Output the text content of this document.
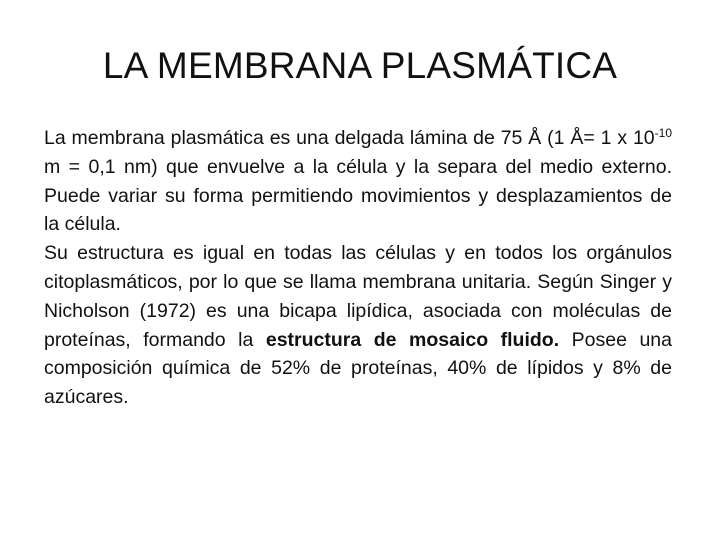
LA MEMBRANA PLASMÁTICA

La membrana plasmática es una delgada lámina de 75 Å (1 Å= 1 x $10^{-10}$ m = 0,1 nm) que envuelve a la célula y la separa del medio externo. Puede variar su forma permitiendo movimientos y desplazamientos de la célula.

Su estructura es igual en todas las células y en todos los orgánulos citoplasmáticos, por lo que se llama membrana unitaria. Según Singer y Nicholson (1972) es una bicapa lipídica, asociada con moléculas de proteínas, formando la estructura de mosaico fluido. Posee una composición química de 52% de proteínas, 40% de lípidos y 8% de azúcares.
